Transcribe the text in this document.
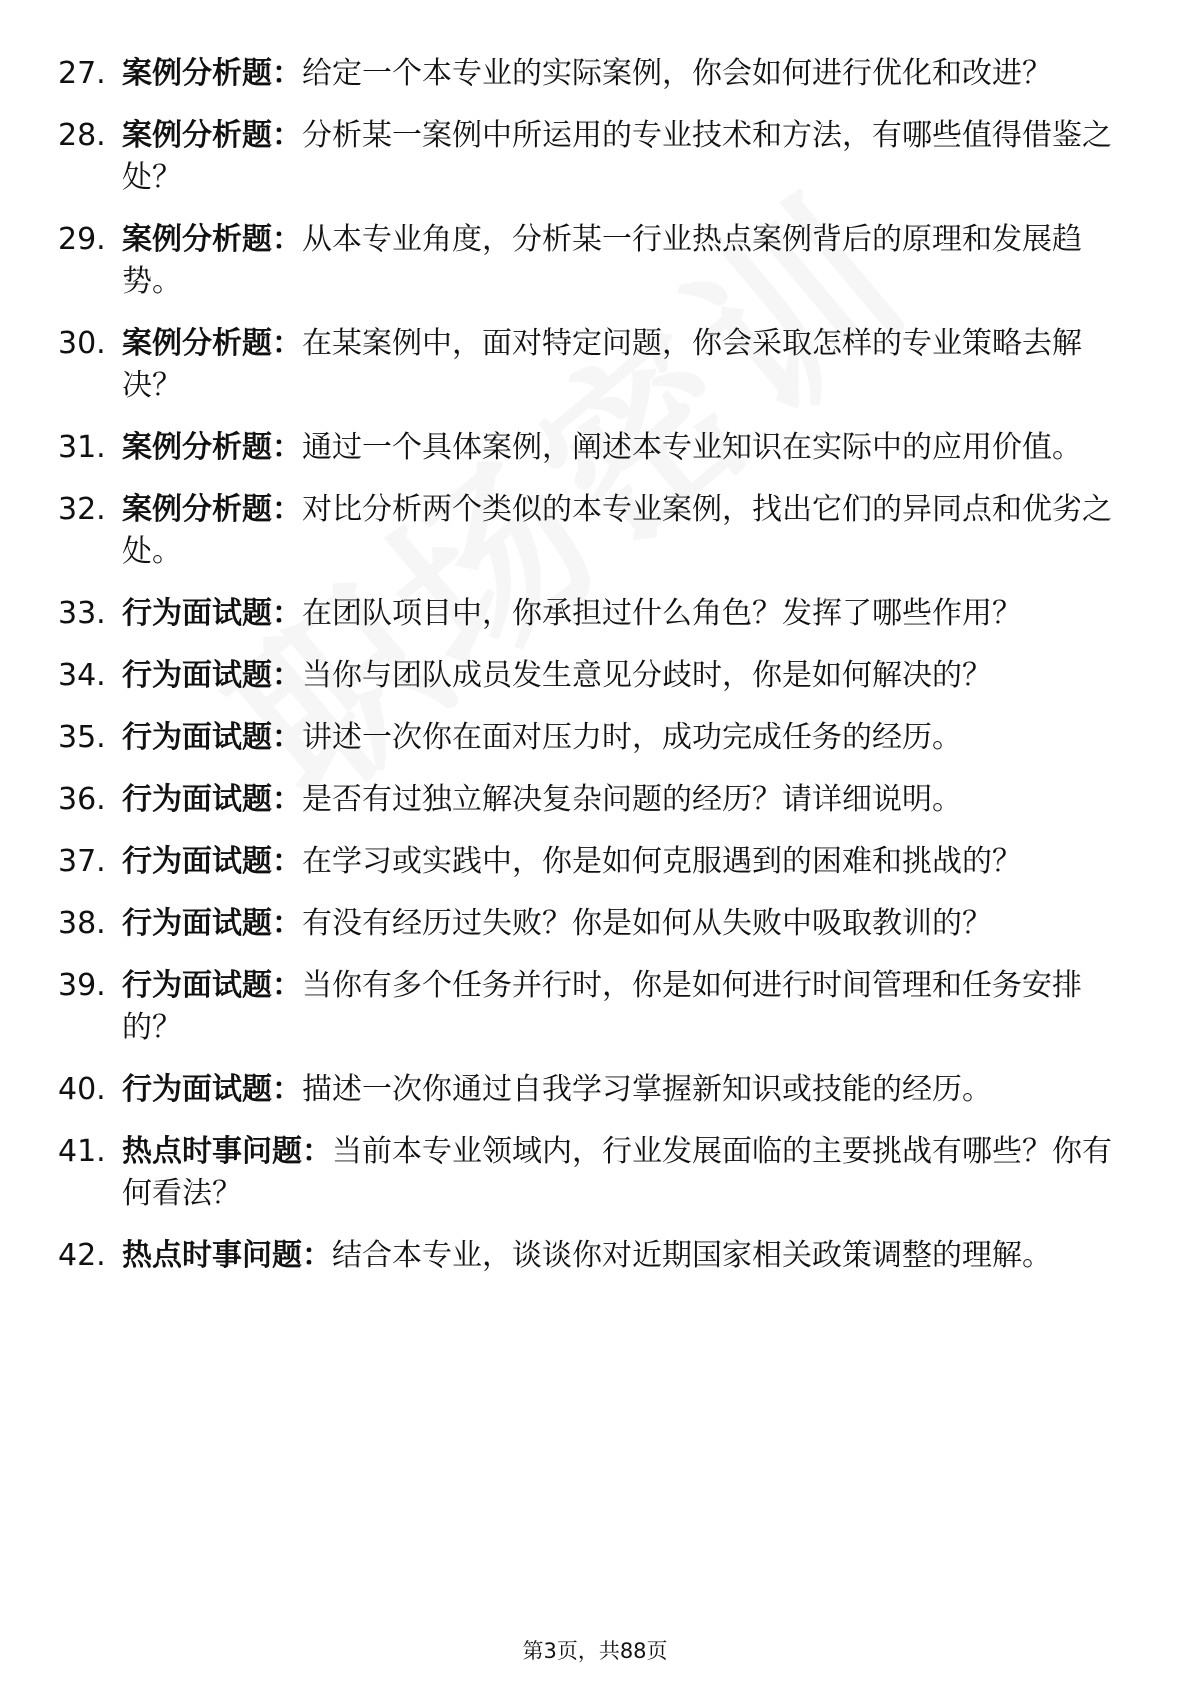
27. 案例分析题：给定一个本专业的实际案例，你会如何进行优化和改进？
28. 案例分析题：分析某一案例中所运用的专业技术和方法，有哪些值得借鉴之处？
29. 案例分析题：从本专业角度，分析某一行业热点案例背后的原理和发展趋势。
30. 案例分析题：在某案例中，面对特定问题，你会采取怎样的专业策略去解决？
31. 案例分析题：通过一个具体案例，阐述本专业知识在实际中的应用价值。
32. 案例分析题：对比分析两个类似的本专业案例，找出它们的异同点和优劣之处。
33. 行为面试题：在团队项目中，你承担过什么角色？发挥了哪些作用？
34. 行为面试题：当你与团队成员发生意见分歧时，你是如何解决的？
35. 行为面试题：讲述一次你在面对压力时，成功完成任务的经历。
36. 行为面试题：是否有过独立解决复杂问题的经历？请详细说明。
37. 行为面试题：在学习或实践中，你是如何克服遇到的困难和挑战的？
38. 行为面试题：有没有经历过失败？你是如何从失败中吸取教训的？
39. 行为面试题：当你有多个任务并行时，你是如何进行时间管理和任务安排的？
40. 行为面试题：描述一次你通过自我学习掌握新知识或技能的经历。
41. 热点时事问题：当前本专业领域内，行业发展面临的主要挑战有哪些？你有何看法？
42. 热点时事问题：结合本专业，谈谈你对近期国家相关政策调整的理解。
第3页，共88页
